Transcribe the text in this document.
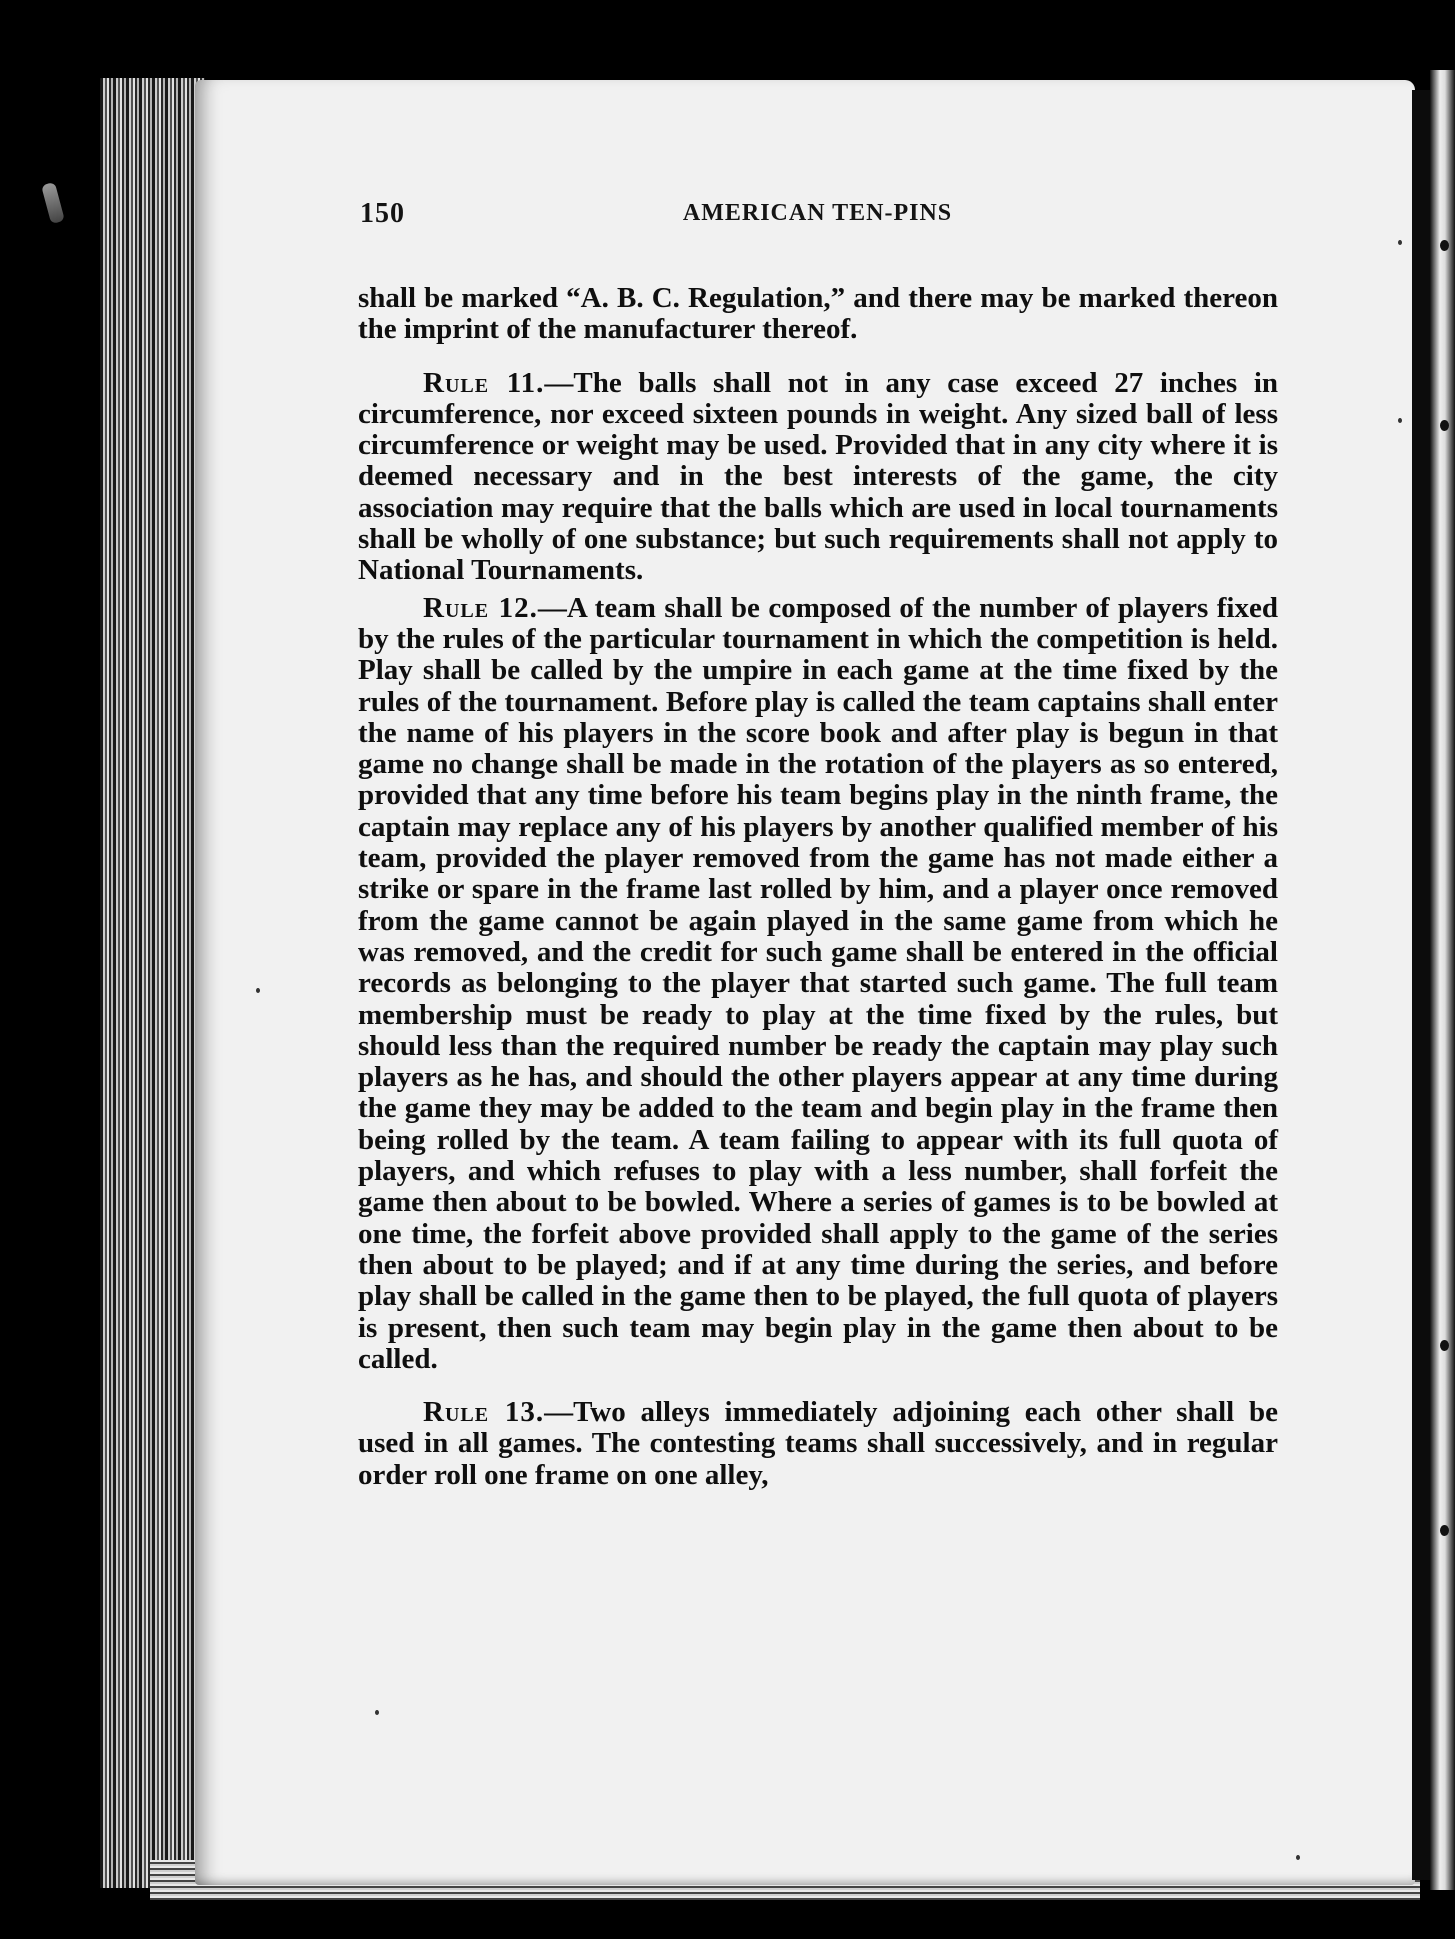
150	AMERICAN TEN-PINS

shall be marked “A. B. C. Regulation,” and there may be marked thereon the imprint of the manufacturer thereof.

Rule 11.—The balls shall not in any case exceed 27 inches in circumference, nor exceed sixteen pounds in weight. Any sized ball of less circumference or weight may be used. Provided that in any city where it is deemed necessary and in the best interests of the game, the city association may require that the balls which are used in local tournaments shall be wholly of one substance; but such requirements shall not apply to National Tournaments.

Rule 12.—A team shall be composed of the number of players fixed by the rules of the particular tournament in which the competition is held. Play shall be called by the umpire in each game at the time fixed by the rules of the tournament. Before play is called the team captains shall enter the name of his players in the score book and after play is begun in that game no change shall be made in the rotation of the players as so entered, provided that any time before his team begins play in the ninth frame, the captain may replace any of his players by another qualified member of his team, provided the player removed from the game has not made either a strike or spare in the frame last rolled by him, and a player once removed from the game cannot be again played in the same game from which he was removed, and the credit for such game shall be entered in the official records as belonging to the player that started such game. The full team membership must be ready to play at the time fixed by the rules, but should less than the required number be ready the captain may play such players as he has, and should the other players appear at any time during the game they may be added to the team and begin play in the frame then being rolled by the team. A team failing to appear with its full quota of players, and which refuses to play with a less number, shall forfeit the game then about to be bowled. Where a series of games is to be bowled at one time, the forfeit above provided shall apply to the game of the series then about to be played; and if at any time during the series, and before play shall be called in the game then to be played, the full quota of players is present, then such team may begin play in the game then about to be called.

Rule 13.—Two alleys immediately adjoining each other shall be used in all games. The contesting teams shall successively, and in regular order roll one frame on one alley,
